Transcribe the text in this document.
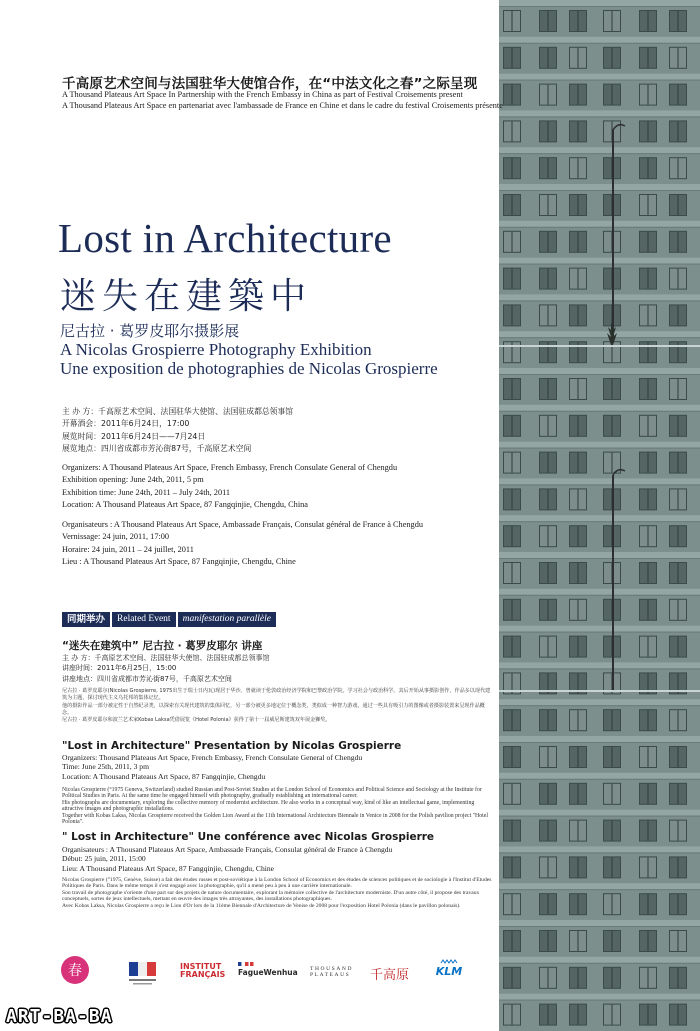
千高原艺术空间与法国驻华大使馆合作，在“中法文化之春”之际呈现
A Thousand Plateaus Art Space In Partnership with the French Embassy in China as part of Festival Croisements present
A Thousand Plateaus Art Space en partenariat avec l'ambassade de France en Chine et dans le cadre du festival Croisements présente
Lost in Architecture
迷失在建築中
尼古拉 · 葛罗皮耶尔摄影展
A Nicolas Grospierre Photography Exhibition
Une exposition de photographies de Nicolas Grospierre
主 办 方：千高原艺术空间、法国驻华大使馆、法国驻成都总领事馆
开幕酒会：2011年6月24日，17:00
展览时间：2011年6月24日——7月24日
展览地点：四川省成都市芳沁街87号，千高原艺术空间
Organizers: A Thousand Plateaus Art Space, French Embassy, French Consulate General of Chengdu
Exhibition opening: June 24th, 2011, 5 pm
Exhibition time: June 24th, 2011 – July 24th, 2011
Location: A Thousand Plateaus Art Space, 87 Fangqinjie, Chengdu, China
Organisateurs : A Thousand Plateaus Art Space, Ambassade Français, Consulat général de France à Chengdu
Vernissage: 24 juin, 2011, 17:00
Horaire: 24 juin, 2011 – 24 juillet, 2011
Lieu : A Thousand Plateaus Art Space, 87 Fangqinjie, Chengdu, Chine
同期举办	Related Event	manifestation parallèle
“迷失在建筑中” 尼古拉 · 葛罗皮耶尔 讲座
主 办 方：千高原艺术空间、法国驻华大使馆、法国驻成都总领事馆
讲座时间：2011年6月25日，15:00
讲座地点：四川省成都市芳沁街87号，千高原艺术空间
尼古拉 · 葛罗皮耶尔(Nicolas Grospierre, 1975出生于瑞士日内瓦)现居于华沙。曾就读于伦敦政治经济学院和巴黎政治学院，学习社会与政治科学。其后开始从事摄影创作，作品多以现代建筑为主题，探讨现代主义乌托邦的集体记忆。
他的摄影作品一部分被定性于自然纪录类，以探索有关现代建筑的集体回忆，另一部分被更多地定位于概念类，类似成一种智力游戏，通过一些具有吸引力的图像或者摄影装置来呈现作品概念。
尼古拉 · 葛罗皮耶尔和波兰艺术家Kobas Laksa凭借展览《Hotel Polonia》获得了第十一届威尼斯建筑双年展金狮奖。
"Lost in Architecture" Presentation by Nicolas Grospierre
Organizers: Thousand Plateaus Art Space, French Embassy, French Consulate General of Chengdu
Time: June 25th, 2011, 3 pm
Location: A Thousand Plateaus Art Space, 87 Fangqinjie, Chengdu
Nicolas Grospierre (°1975 Geneva, Switzerland) studied Russian and Post-Soviet Studies at the London School of Economics and Political Science and Sociology at the Institute for Political Studies in Paris. At the same time he engaged himself with photography, gradually establishing an international career.
His photographs are documentary, exploring the collective memory of modernist architecture. He also works in a conceptual way, kind of like an intellectual game, implementing attractive images and photographic installations.
Together with Kobas Laksa, Nicolas Grospierre received the Golden Lion Award at the 11th International Architecture Biennale in Venice in 2008 for the Polish pavilion project "Hotel Polonia".
" Lost in Architecture" Une conférence avec Nicolas Grospierre
Organisateurs : A Thousand Plateaus Art Space, Ambassade Français, Consulat général de France à Chengdu
Début: 25 juin, 2011, 15:00
Lieu: A Thousand Plateaus Art Space, 87 Fangqinjie, Chengdu, Chine
Nicolas Grospierre (°1975, Genève, Suisse) a fait des études russes et post-soviétique à la London School of Economics et des études de sciences politiques et de sociologie à l'Institut d'Etudes Politiques de Paris. Dans le même temps il s'est engagé avec la photographie, qu'il a mené peu à peu à une carrière internationale.
Son travail de photographe s'oriente d'une part sur des projets de nature documentaire, explorant la mémoire collective de l'architecture moderniste. D'un autre côté, il propose des travaux conceptuels, sortes de jeux intellectuels, mettant en œuvre des images très attrayantes, des installations photographiques.
Avec Kobas Laksa, Nicolas Grospierre a reçu le Lion d'Or lors de la 11ème Biennale d'Architecture de Venise de 2008 pour l'exposition Hotel Polonia (dans le pavillon polonais).
春	INSTITUT FRANÇAIS FagueWenhua THOUSAND PLATEAUS 千高原 KLM
ART-BA-BA
